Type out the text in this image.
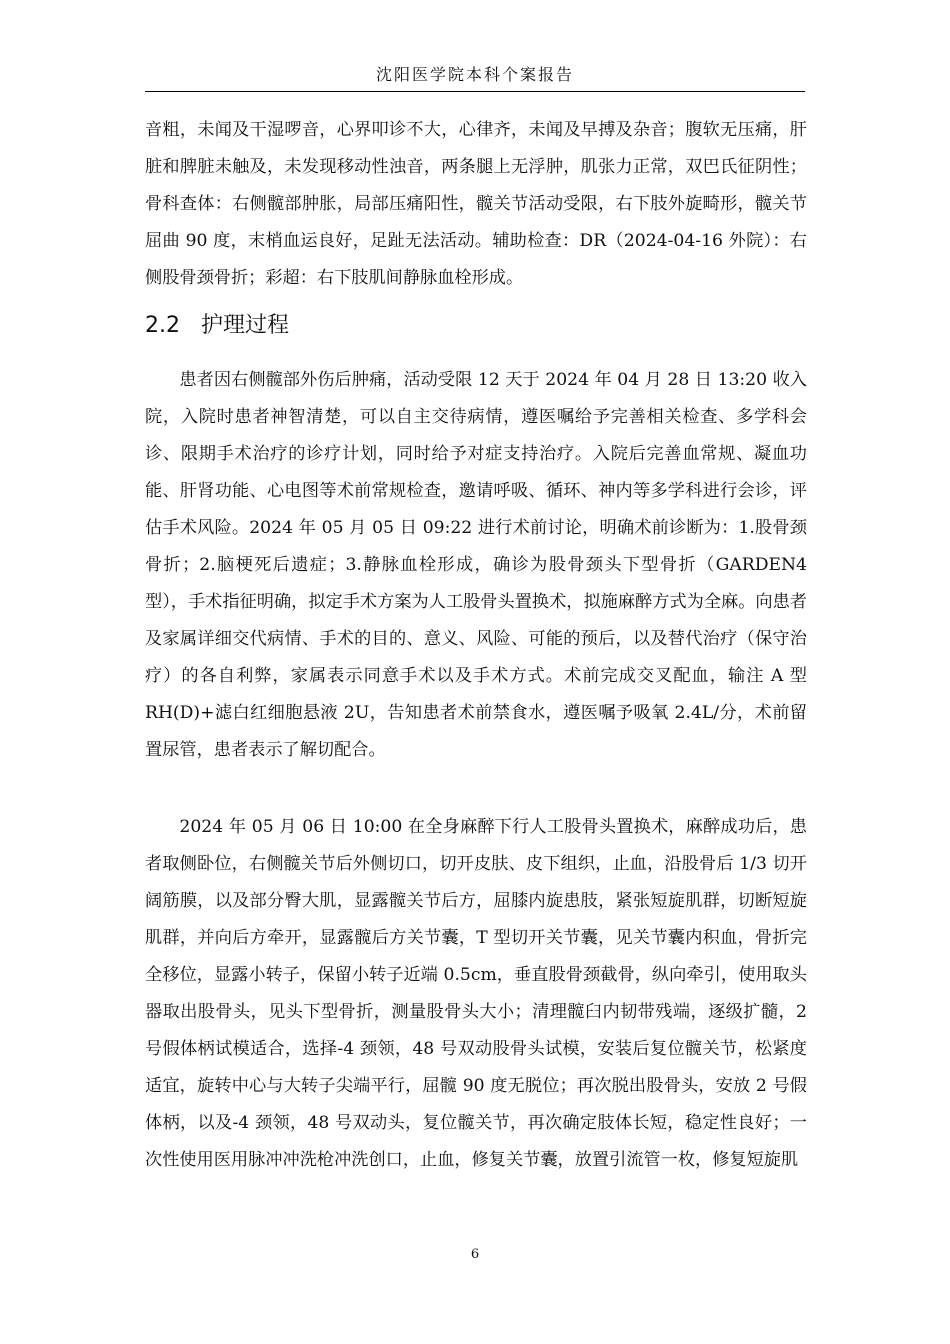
沈阳医学院本科个案报告

音粗，未闻及干湿啰音，心界叩诊不大，心律齐，未闻及早搏及杂音；腹软无压痛，肝脏和脾脏未触及，未发现移动性浊音，两条腿上无浮肿，肌张力正常，双巴氏征阴性；骨科查体：右侧髋部肿胀，局部压痛阳性，髋关节活动受限，右下肢外旋畸形，髋关节屈曲 90 度，末梢血运良好，足趾无法活动。辅助检查：DR（2024-04-16 外院）：右侧股骨颈骨折；彩超：右下肢肌间静脉血栓形成。

2.2 护理过程

患者因右侧髋部外伤后肿痛，活动受限 12 天于 2024 年 04 月 28 日 13:20 收入院，入院时患者神智清楚，可以自主交待病情，遵医嘱给予完善相关检查、多学科会诊、限期手术治疗的诊疗计划，同时给予对症支持治疗。入院后完善血常规、凝血功能、肝肾功能、心电图等术前常规检查，邀请呼吸、循环、神内等多学科进行会诊，评估手术风险。2024 年 05 月 05 日 09:22 进行术前讨论，明确术前诊断为：1.股骨颈骨折；2.脑梗死后遗症；3.静脉血栓形成，确诊为股骨颈头下型骨折（GARDEN4 型），手术指征明确，拟定手术方案为人工股骨头置换术，拟施麻醉方式为全麻。向患者及家属详细交代病情、手术的目的、意义、风险、可能的预后，以及替代治疗（保守治疗）的各自利弊，家属表示同意手术以及手术方式。术前完成交叉配血，输注 A 型 RH(D)+滤白红细胞悬液 2U，告知患者术前禁食水，遵医嘱予吸氧 2.4L/分，术前留置尿管，患者表示了解切配合。

2024 年 05 月 06 日 10:00 在全身麻醉下行人工股骨头置换术，麻醉成功后，患者取侧卧位，右侧髋关节后外侧切口，切开皮肤、皮下组织，止血，沿股骨后 1/3 切开阔筋膜，以及部分臀大肌，显露髋关节后方，屈膝内旋患肢，紧张短旋肌群，切断短旋肌群，并向后方牵开，显露髋后方关节囊，T 型切开关节囊，见关节囊内积血，骨折完全移位，显露小转子，保留小转子近端 0.5cm，垂直股骨颈截骨，纵向牵引，使用取头器取出股骨头，见头下型骨折，测量股骨头大小；清理髋臼内韧带残端，逐级扩髓，2 号假体柄试模适合，选择-4 颈领，48 号双动股骨头试模，安装后复位髋关节，松紧度适宜，旋转中心与大转子尖端平行，屈髋 90 度无脱位；再次脱出股骨头，安放 2 号假体柄，以及-4 颈领，48 号双动头，复位髋关节，再次确定肢体长短，稳定性良好；一次性使用医用脉冲冲洗枪冲洗创口，止血，修复关节囊，放置引流管一枚，修复短旋肌

6
